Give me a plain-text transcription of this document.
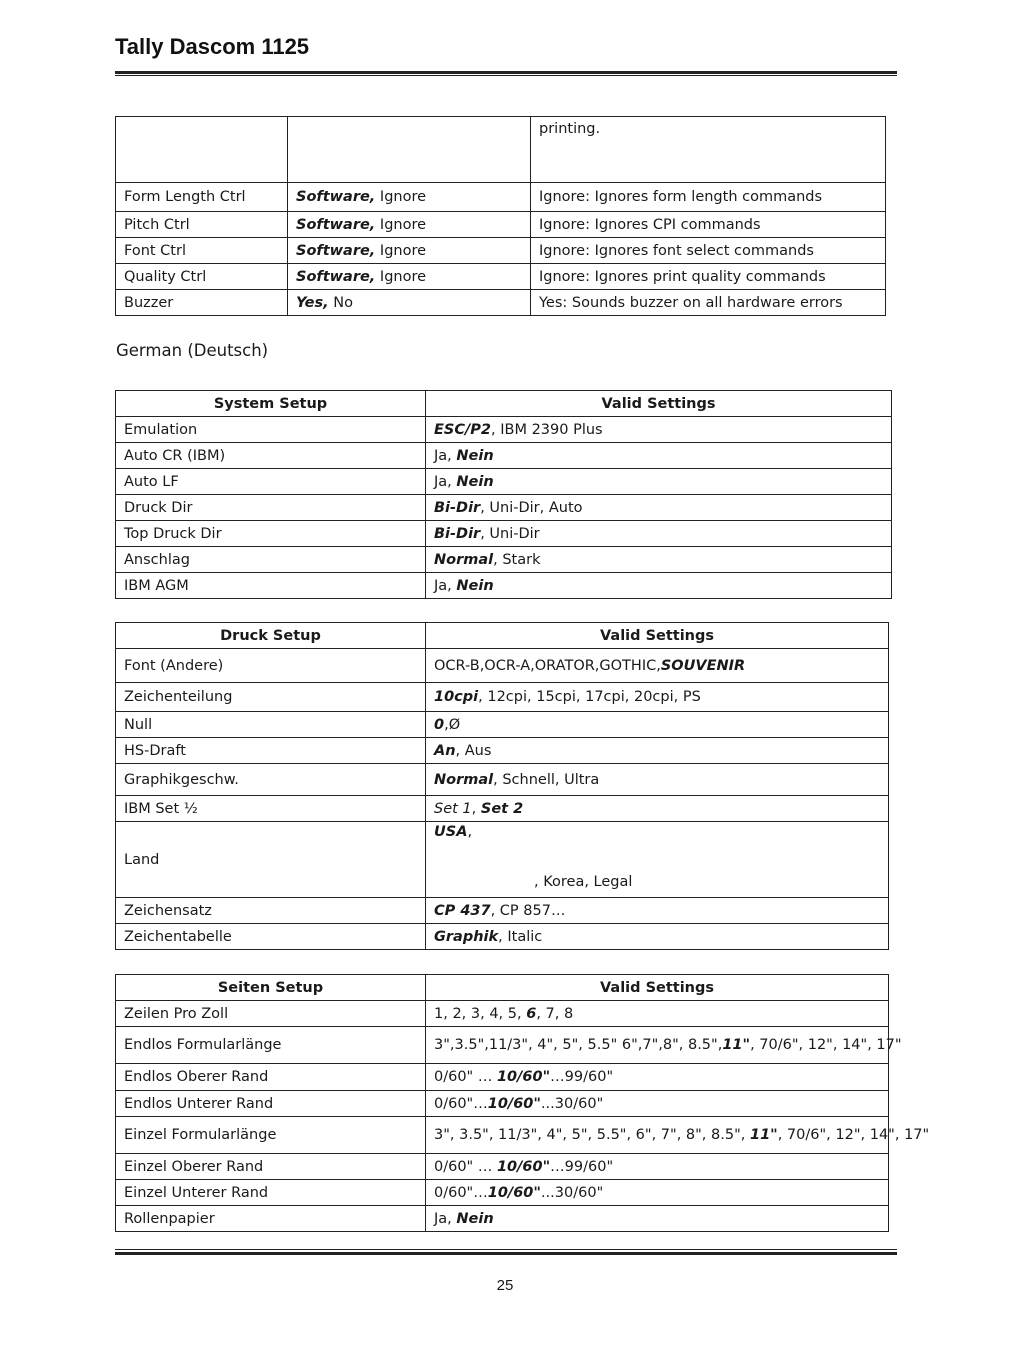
Tally Dascom 1125
		printing.
Form Length Ctrl	Software, Ignore	Ignore: Ignores form length commands
Pitch Ctrl	Software, Ignore	Ignore: Ignores CPI commands
Font Ctrl	Software, Ignore	Ignore: Ignores font select commands
Quality Ctrl	Software, Ignore	Ignore: Ignores print quality commands
Buzzer	Yes, No	Yes: Sounds buzzer on all hardware errors
German (Deutsch)
System Setup	Valid Settings
Emulation	ESC/P2, IBM 2390 Plus
Auto CR (IBM)	Ja, Nein
Auto LF	Ja, Nein
Druck Dir	Bi-Dir, Uni-Dir, Auto
Top Druck Dir	Bi-Dir, Uni-Dir
Anschlag	Normal, Stark
IBM AGM	Ja, Nein
Druck Setup	Valid Settings
Font (Andere)	OCR-B,OCR-A,ORATOR,GOTHIC,SOUVENIR
Zeichenteilung	10cpi, 12cpi, 15cpi, 17cpi, 20cpi, PS
Null	0,Ø
HS-Draft	An, Aus
Graphikgeschw.	Normal, Schnell, Ultra
IBM Set ½	Set 1, Set 2
Land	USA,
, Korea, Legal

Zeichensatz	CP 437, CP 857…
Zeichentabelle	Graphik, Italic
Seiten Setup	Valid Settings
Zeilen Pro Zoll	1, 2, 3, 4, 5, 6, 7, 8
Endlos Formularlänge	3",3.5",11/3", 4", 5", 5.5" 6",7",8", 8.5",11", 70/6", 12", 14", 17"
Endlos Oberer Rand	0/60" … 10/60"…99/60"
Endlos Unterer Rand	0/60"…10/60"...30/60"
Einzel Formularlänge	3", 3.5", 11/3", 4", 5", 5.5", 6", 7", 8", 8.5", 11", 70/6", 12", 14", 17"
Einzel Oberer Rand	0/60" … 10/60"…99/60"
Einzel Unterer Rand	0/60"…10/60"...30/60"
Rollenpapier	Ja, Nein
25
